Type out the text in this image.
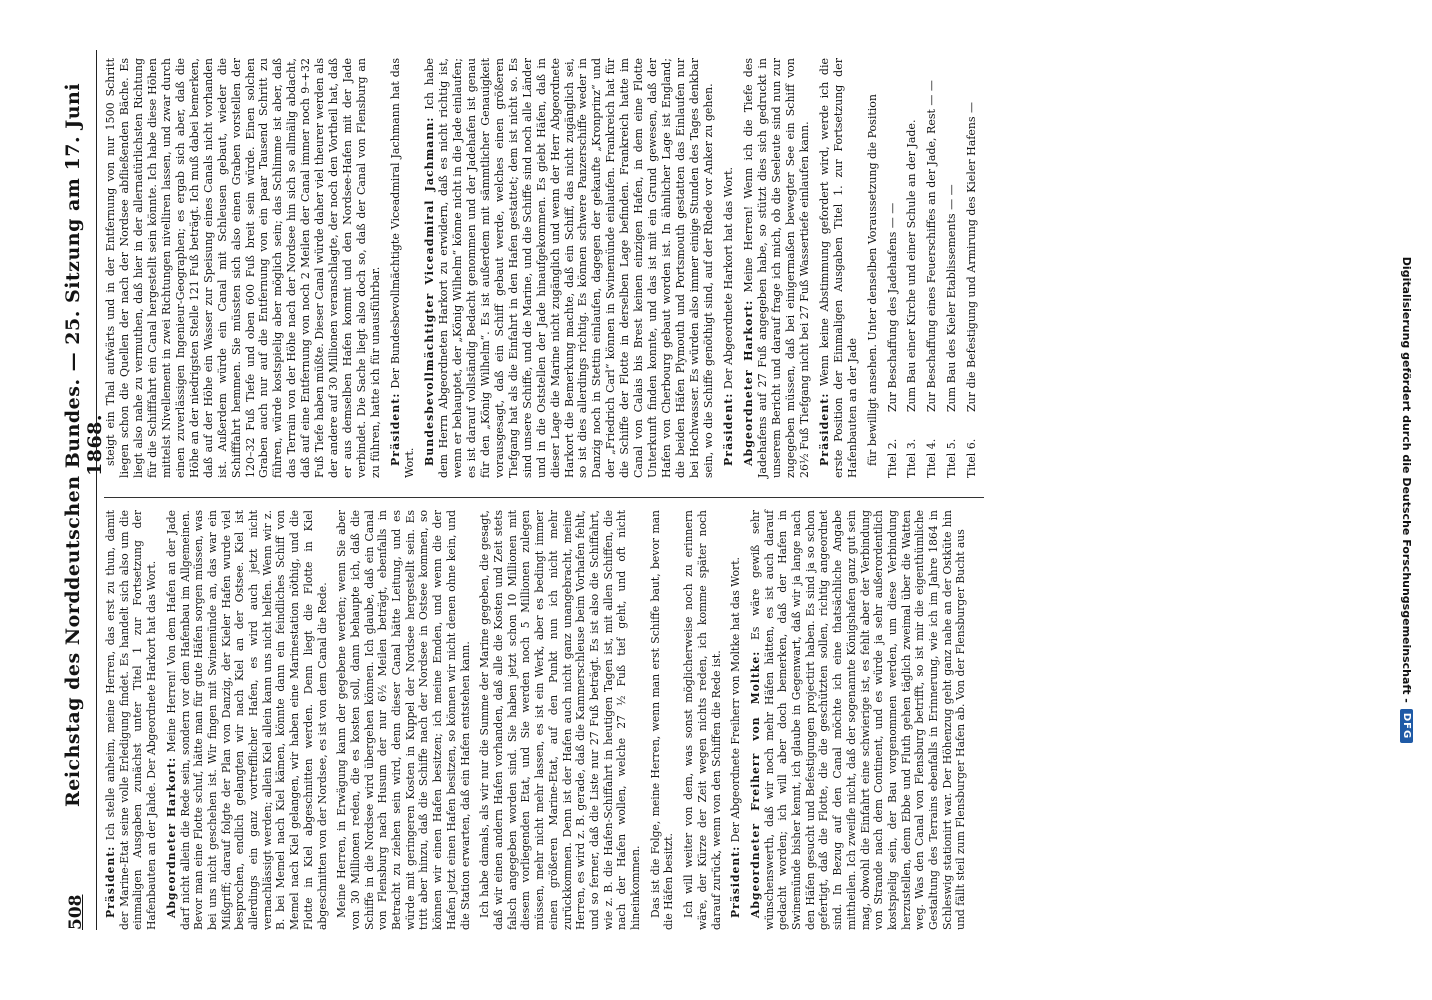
508
Reichstag des Norddeutschen Bundes. — 25. Sitzung am 17. Juni 1868.

Präsident: Ich stelle anheim, meine Herren, das erst zu thun, damit der Marine-Etat seine volle Erledigung findet. Es handelt sich also um die einmaligen Ausgaben zunächst unter Titel 1 zur Fortsetzung der Hafenbauten an der Jahde. Der Abgeordnete Harkort hat das Wort. Abgeordneter Harkort: Meine Herren! Von dem Hafen an der Jade darf nicht allein die Rede sein, sondern vor dem Hafenbau im Allgemeinen. Bevor man eine Flotte schuf, hätte man für gute Häfen sorgen müssen, was bei uns nicht geschehen ist. Wir fingen mit Swinemünde an, das war ein Mißgriff; darauf folgte der Plan von Danzig, der Kieler Hafen wurde viel besprochen, endlich gelangten wir nach Kiel an der Ostsee. Kiel ist allerdings ein ganz vortrefflicher Hafen, es wird auch jetzt nicht vernachlässigt werden; allein Kiel allein kann uns nicht helfen. Wenn wir z. B. bei Memel nach Kiel kämen, könnte dann ein feindliches Schiff von Memel nach Kiel gelangen, wir haben eine Marinestation nöthig, und die Flotte in Kiel abgeschnitten werden. Denn liegt die Flotte in Kiel abgeschnitten von der Nordsee, es ist von dem Canal die Rede. Meine Herren, in Erwägung kann der gegebene werden; wenn Sie aber von 30 Millionen reden, die es kosten soll, dann behaupte ich, daß die Schiffe in die Nordsee wird übergehen können. Ich glaube, daß ein Canal von Flensburg nach Husum der nur 6½ Meilen beträgt, ebenfalls in Betracht zu ziehen sein wird, denn dieser Canal hätte Leitung, und es würde mit geringeren Kosten in Kuppel der Nordsee hergestellt sein. Es tritt aber hinzu, daß die Schiffe nach der Nordsee in Ostsee kommen, so können wir einen Hafen besitzen; ich meine Emden, und wenn die der Hafen jetzt einen Hafen besitzen, so können wir nicht denen ohne kein, und die Station erwarten, daß ein Hafen entstehen kann. Ich habe damals, als wir nur die Summe der Marine gegeben, die gesagt, daß wir einen andern Hafen vorhanden, daß alle die Kosten und Zeit stets falsch angegeben worden sind. Sie haben jetzt schon 10 Millionen mit diesem vorliegenden Etat, und Sie werden noch 5 Millionen zulegen müssen, mehr nicht mehr lassen, es ist ein Werk, aber es bedingt immer einen größeren Marine-Etat, auf den Punkt nun ich nicht mehr zurückkommen. Denn ist der Hafen auch nicht ganz unangebracht, meine Herren, es wird z. B. gerade, daß die Kammerschleuse beim Vorhafen fehlt, und so ferner, daß die Liste nur 27 Fuß beträgt. Es ist also die Schiffahrt, wie z. B. die Hafen-Schiffahrt in heutigen Tagen ist, mit allen Schiffen, die nach der Hafen wollen, welche 27 ½ Fuß tief geht, und oft nicht hineinkommen. Das ist die Folge, meine Herren, wenn man erst Schiffe baut, bevor man die Häfen besitzt. Ich will weiter von dem, was sonst möglicherweise noch zu erinnern wäre, der Kürze der Zeit wegen nichts reden, ich komme später noch darauf zurück, wenn von den Schiffen die Rede ist. Präsident: Der Abgeordnete Freiherr von Moltke hat das Wort. Abgeordneter Freiherr von Moltke: Es wäre gewiß sehr wünschenswerth, daß wir noch mehr Häfen hätten, es ist auch darauf gedacht worden; ich will aber doch bemerken, daß der Hafen in Swinemünde bisher kennt, ich glaube in Gegenwart, daß wir ja lange nach den Häfen gesucht und Befestigungen projectirt haben. Es sind ja so schon gefertigt, daß die Flotte, die die geschützten sollen, richtig angeordnet sind. In Bezug auf den Canal möchte ich eine thatsächliche Angabe mittheilen. Ich zweifle nicht, daß der sogenannte Königshafen ganz gut sein mag, obwohl die Einfahrt eine schwierige ist, es fehlt aber der Verbindung von Strande nach dem Continent, und es würde ja sehr außerordentlich kostspielig sein, der Bau vorgenommen werden, um diese Verbindung herzustellen, denn Ebbe und Fluth gehen täglich zweimal über die Watten weg. Was den Canal von Flensburg betrifft, so ist mir die eigenthümliche Gestaltung des Terrains ebenfalls in Erinnerung, wie ich im Jahre 1864 in Schleswig stationirt war. Der Höhenzug geht ganz nahe an der Ostküte hin und fällt steil zum Flensburger Hafen ab. Von der Flensburger Bucht aus

steigt ein Thal aufwärts und in der Entfernung von nur 1500 Schritt liegen schon die Quellen der nach der Nordsee abfließenden Bäche. Es liegt also nahe zu vermuthen, daß hier in der allernatürlichsten Richtung für die Schifffahrt ein Canal hergestellt sein könnte. Ich habe diese Höhen mittelst Nivellement in zwei Richtungen nivelliren lassen, und zwar durch einen zuverlässigen Ingenieur-Geographen; es ergab sich aber, daß die Höhe an der niedrigsten Stelle 121 Fuß beträgt. Ich muß dabei bemerken, daß auf der Höhe ein Wasser zur Speisung eines Canals nicht vorhanden ist. Außerdem würde ein Canal mit Schleusen gebaut, wieder die Schifffahrt hemmen. Sie müssten sich also einen Graben vorstellen der 120–32 Fuß Tiefe und oben 600 Fuß breit sein würde. Einen solchen Graben auch nur auf die Entfernung von ein paar Tausend Schritt zu führen, würde kostspielig aber möglich sein; das Schlimme ist aber, daß das Terrain von der Höhe nach der Nordsee hin sich so allmälig abdacht, daß auf eine Entfernung von noch 2 Meilen der Canal immer noch 9–+32 Fuß Tiefe haben müßte. Dieser Canal würde daher viel theurer werden als der andere auf 30 Millionen veranschlagte, der noch den Vortheil hat, daß er aus demselben Hafen kommt und den Nordsee-Hafen mit der Jade verbindet. Die Sache liegt also doch so, daß der Canal von Flensburg an zu führen, hatte ich für unausführbar. Präsident: Der Bundesbevollmächtigte Viceadmiral Jachmann hat das Wort. Bundesbevollmächtigter Viceadmiral Jachmann: Ich habe dem Herrn Abgeordneten Harkort zu erwidern, daß es nicht richtig ist, wenn er behauptet, der „König Wilhelm“ könne nicht in die Jade einlaufen; es ist darauf vollständig Bedacht genommen und der Jadehafen ist genau für den „König Wilhelm“. Es ist außerdem mit sämmtlicher Genauigkeit vorausgesagt, daß ein Schiff gebaut werde, welches einen größeren Tiefgang hat als die Einfahrt in den Hafen gestattet; dem ist nicht so. Es sind unsere Schiffe, und die Marine, und die Schiffe sind noch alle Länder und in die Oststellen der Jade hinaufgekommen. Es giebt Häfen, daß in dieser Lage die Marine nicht zugänglich und wenn der Herr Abgeordnete Harkort die Bemerkung machte, daß ein Schiff, das nicht zugänglich sei, so ist dies allerdings richtig. Es können schwere Panzerschiffe weder in Danzig noch in Stettin einlaufen, dagegen der gekaufte „Kronprinz“ und der „Friedrich Carl“ können in Swinemünde einlaufen. Frankreich hat für die Schiffe der Flotte in derselben Lage befinden. Frankreich hatte im Canal von Calais bis Brest keinen einzigen Hafen, in dem eine Flotte Unterkunft finden konnte, und das ist mit ein Grund gewesen, daß der Hafen von Cherbourg gebaut worden ist. In ähnlicher Lage ist England; die beiden Häfen Plymouth und Portsmouth gestatten das Einlaufen nur bei Hochwasser. Es würden also immer einige Stunden des Tages denkbar sein, wo die Schiffe genöthigt sind, auf der Rhede vor Anker zu gehen. Präsident: Der Abgeordnete Harkort hat das Wort. Abgeordneter Harkort: Meine Herren! Wenn ich die Tiefe des Jadehafens auf 27 Fuß angegeben habe, so stützt dies sich gedruckt in unserem Bericht und darauf frage ich mich, ob die Seeleute sind nun zur zugegeben müssen, daß bei einigermaßen bewegter See ein Schiff von 26½ Fuß Tiefgang nicht bei 27 Fuß Wassertiefe einlaufen kann. Präsident: Wenn keine Abstimmung gefordert wird, werde ich die erste Position der Einmaligen Ausgaben Titel 1. zur Fortsetzung der Hafenbauten an der Jade für bewilligt ansehen. Unter denselben Voraussetzung die Position Titel 2.
Zur Beschaffung des Jadehafens — —
Titel 3.
Zum Bau einer Kirche und einer Schule an der Jade.
Titel 4.
Zur Beschaffung eines Feuerschiffes an der Jade, Rest — —
Titel 5.
Zum Bau des Kieler Etablissements — —
Titel 6.
Zur die Befestigung und Armirung des Kieler Hafens —	Digitalisierung gefördert durch die Deutsche Forschungsgemeinschaft -
DFG
